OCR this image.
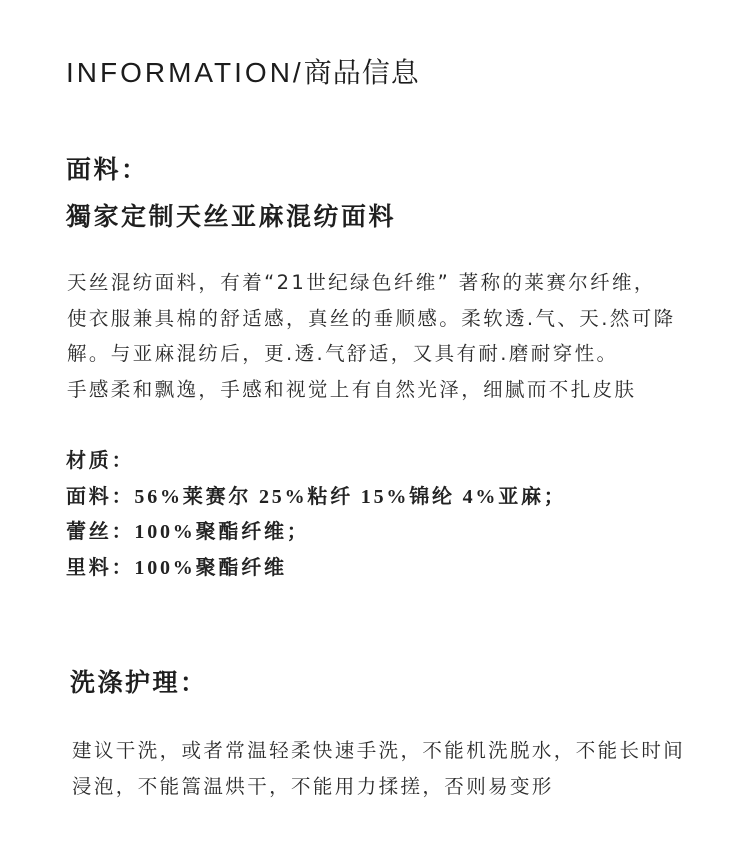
INFORMATION/商品信息
面料：
獨家定制天丝亚麻混纺面料
天丝混纺面料，有着“21世纪绿色纤维” 著称的莱赛尔纤维，
使衣服兼具棉的舒适感，真丝的垂顺感。柔软透.气、天.然可降
解。与亚麻混纺后，更.透.气舒适，又具有耐.磨耐穿性。
手感柔和飘逸，手感和视觉上有自然光泽，细腻而不扎皮肤
材质：
面料：56%莱赛尔 25%粘纤 15%锦纶 4%亚麻；
蕾丝：100%聚酯纤维；
里料：100%聚酯纤维
洗涤护理：
建议干洗，或者常温轻柔快速手洗，不能机洗脱水，不能长时间
浸泡，不能篙温烘干，不能用力揉搓，否则易变形
